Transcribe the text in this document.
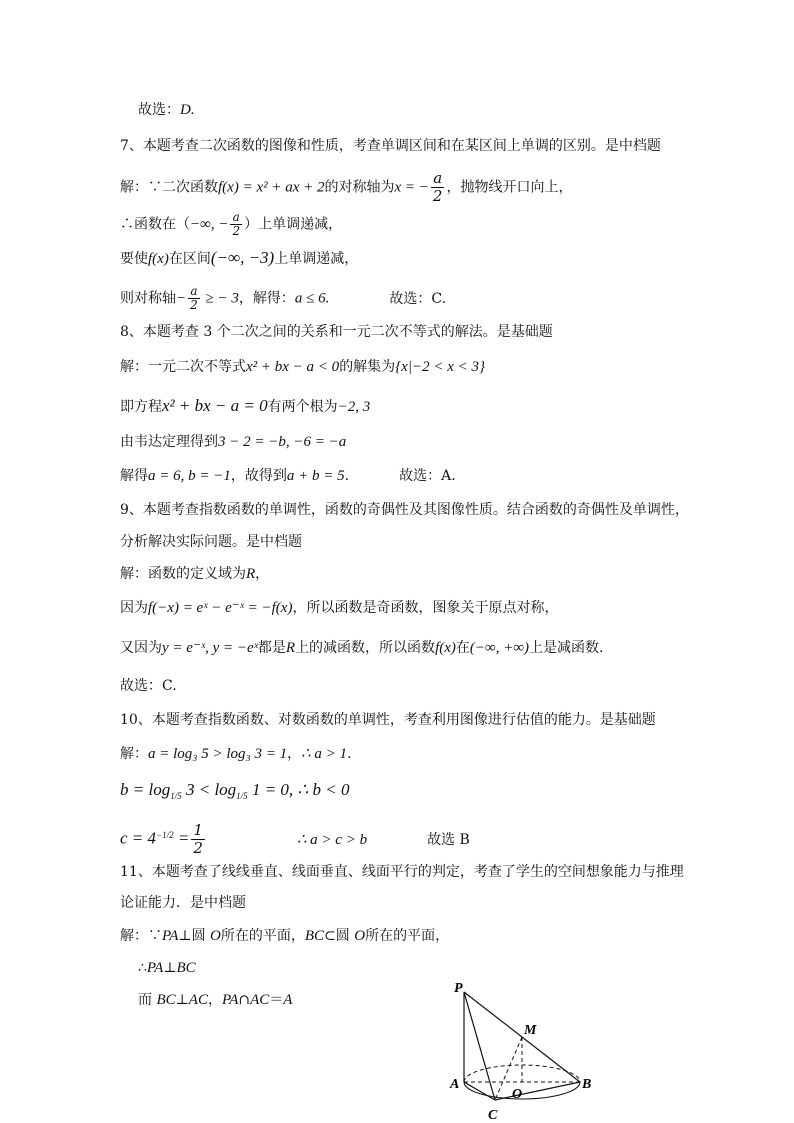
故选：D.
7、本题考查二次函数的图像和性质，考查单调区间和在某区间上单调的区别。是中档题
解：∵二次函数f(x) = x² + ax + 2的对称轴为x = − $\frac{a}{2}$ ，抛物线开口向上，
∴函数在（−∞, − $\frac{a}{2}$ ）上单调递减，
要使f(x)在区间(−∞, −3)上单调递减，
则对称轴− $\frac{a}{2}$ ≥ − 3，解得：a ≤ 6.	故选：C.
8、本题考查 3 个二次之间的关系和一元二次不等式的解法。是基础题
解：一元二次不等式x² + bx − a < 0的解集为{x|−2 < x < 3}
即方程x² + bx − a = 0有两个根为−2, 3
由韦达定理得到3 − 2 = −b, −6 = −a
解得a = 6, b = −1，故得到a + b = 5.	故选：A.
9、本题考查指数函数的单调性，函数的奇偶性及其图像性质。结合函数的奇偶性及单调性，
分析解决实际问题。是中档题
解：函数的定义域为R，
因为f(−x) = eˣ − e⁻ˣ = −f(x)，所以函数是奇函数，图象关于原点对称，
又因为y = e⁻ˣ, y = −eˣ都是R上的减函数，所以函数f(x)在(−∞, +∞)上是减函数.
故选：C.
10、本题考查指数函数、对数函数的单调性，考查利用图像进行估值的能力。是基础题
解：a = log₃ 5 > log₃ 3 = 1，∴ a > 1.
$b = \log_{1/5} 3 < \log_{1/5} 1 = 0$, ∴ b < 0
$c = 4^{-1/2} = \frac{1}{2}$	∴ a > c > b	故选 B
11、本题考查了线线垂直、线面垂直、线面平行的判定，考查了学生的空间想象能力与推理
论证能力．是中档题
解：∵PA⊥圆 O所在的平面，BC⊂圆 O所在的平面，
∴PA⊥BC
而 BC⊥AC，PA∩AC＝A
P
M
A
O
B
C
